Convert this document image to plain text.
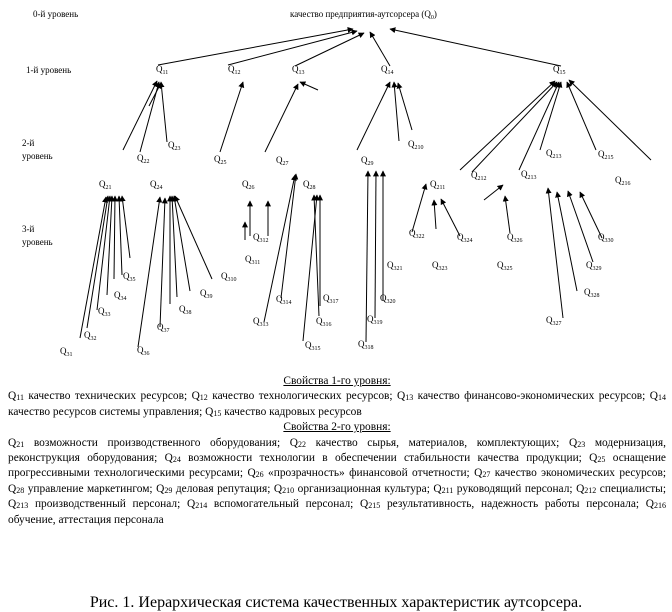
0-й уровень
1-й уровень
2-й
уровень
3-й
уровень
качество предприятия-аутсорсера $(Q_0)$
$Q_{11}$	$Q_{12}$	$Q_{13}$	$Q_{14}$	$Q_{15}$
$Q_{22}$
$Q_{23}$
$Q_{25}$	$Q_{27}$	$Q_{29}$
$Q_{210}$	$Q_{213}$	$Q_{215}$
$Q_{216}$
$Q_{21}$	$Q_{24}$	$Q_{26}$	$Q_{28}$	$Q_{211}$
$Q_{212}$	$Q_{213}$
$Q_{312}$
$Q_{311}$
$Q_{322}$	$Q_{324}$	$Q_{326}$	$Q_{330}$
$Q_{321}$	$Q_{323}$	$Q_{325}$	$Q_{329}$
$Q_{35}$	$Q_{310}$
$Q_{34}$
$Q_{39}$	$Q_{314}$	$Q_{317}$	$Q_{320}$
$Q_{328}$
$Q_{33}$
$Q_{38}$
$Q_{313}$	$Q_{316}$
$Q_{319}$	$Q_{327}$
$Q_{37}$
$Q_{32}$
$Q_{315}$	$Q_{318}$
$Q_{31}$	$Q_{36}$
Свойства 1-го уровня:
$Q_{11}$ качество технических ресурсов; $Q_{12}$ качество технологических ресурсов; $Q_{13}$ качество финансово-экономических ресурсов; $Q_{14}$ качество ресурсов системы управления; $Q_{15}$ качество кадровых ресурсов
Свойства 2-го уровня:
$Q_{21}$ возможности производственного оборудования; $Q_{22}$ качество сырья, материалов, комплектующих; $Q_{23}$ модернизация, реконструкция оборудования; $Q_{24}$ возможности технологии в обеспечении стабильности качества продукции; $Q_{25}$ оснащение прогрессивными технологическими ресурсами; $Q_{26}$ «прозрачность» финансовой отчетности; $Q_{27}$ качество экономических ресурсов; $Q_{28}$ управление маркетингом; $Q_{29}$ деловая репутация; $Q_{210}$ организационная культура; $Q_{211}$ руководящий персонал; $Q_{212}$ специалисты; $Q_{213}$ производственный персонал; $Q_{214}$ вспомогательный персонал; $Q_{215}$ результативность, надежность работы персонала; $Q_{216}$ обучение, аттестация персонала
Рис. 1. Иерархическая система качественных характеристик аутсорсера.
